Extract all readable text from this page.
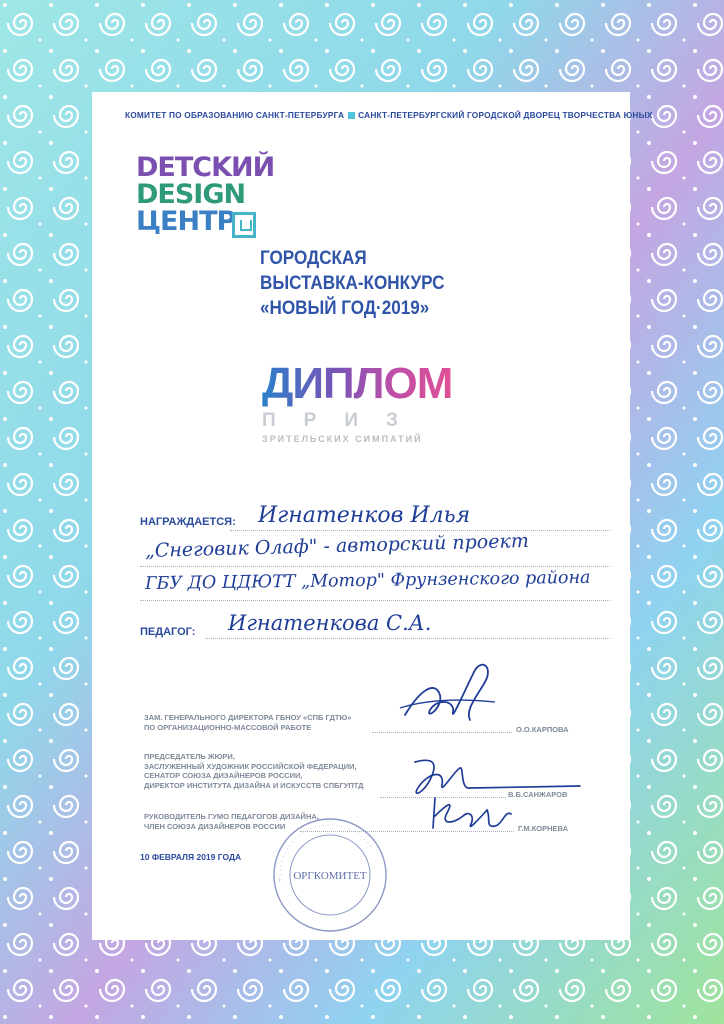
КОМИТЕТ ПО ОБРАЗОВАНИЮ САНКТ-ПЕТЕРБУРГА САНКТ-ПЕТЕРБУРГСКИЙ ГОРОДСКОЙ ДВОРЕЦ ТВОРЧЕСТВА ЮНЫХ
DETCKИЙ
DESIGN
ЦЕНТР
ГОРОДСКАЯ
ВЫСТАВКА-КОНКУРС
«НОВЫЙ ГОД·2019»
ДИПЛОМ
ПРИЗ
ЗРИТЕЛЬСКИХ СИМПАТИЙ
НАГРАЖДАЕТСЯ: Игнатенков Илья
„Снеговик Олаф" - авторский проект
ГБУ ДО ЦДЮТТ „Мотор" Фрунзенского района
ПЕДАГОГ: Игнатенкова С.А.
ЗАМ. ГЕНЕРАЛЬНОГО ДИРЕКТОРА ГБНОУ «СПБ ГДТЮ»
ПО ОРГАНИЗАЦИОННО-МАССОВОЙ РАБОТЕ	О.О.КАРПОВА
ПРЕДСЕДАТЕЛЬ ЖЮРИ,
ЗАСЛУЖЕННЫЙ ХУДОЖНИК РОССИЙСКОЙ ФЕДЕРАЦИИ,
СЕНАТОР СОЮЗА ДИЗАЙНЕРОВ РОССИИ,
ДИРЕКТОР ИНСТИТУТА ДИЗАЙНА И ИСКУССТВ СПБГУПТД
В.Б.САНЖАРОВ
РУКОВОДИТЕЛЬ ГУМО ПЕДАГОГОВ ДИЗАЙНА,
ЧЛЕН СОЮЗА ДИЗАЙНЕРОВ РОССИИ	Г.М.КОРНЕВА
10 ФЕВРАЛЯ 2019 ГОДА
~ · · · · · · · · · · · · · · · · · · · · · · · · · · · · ·
ОРГКОМИТЕТ
